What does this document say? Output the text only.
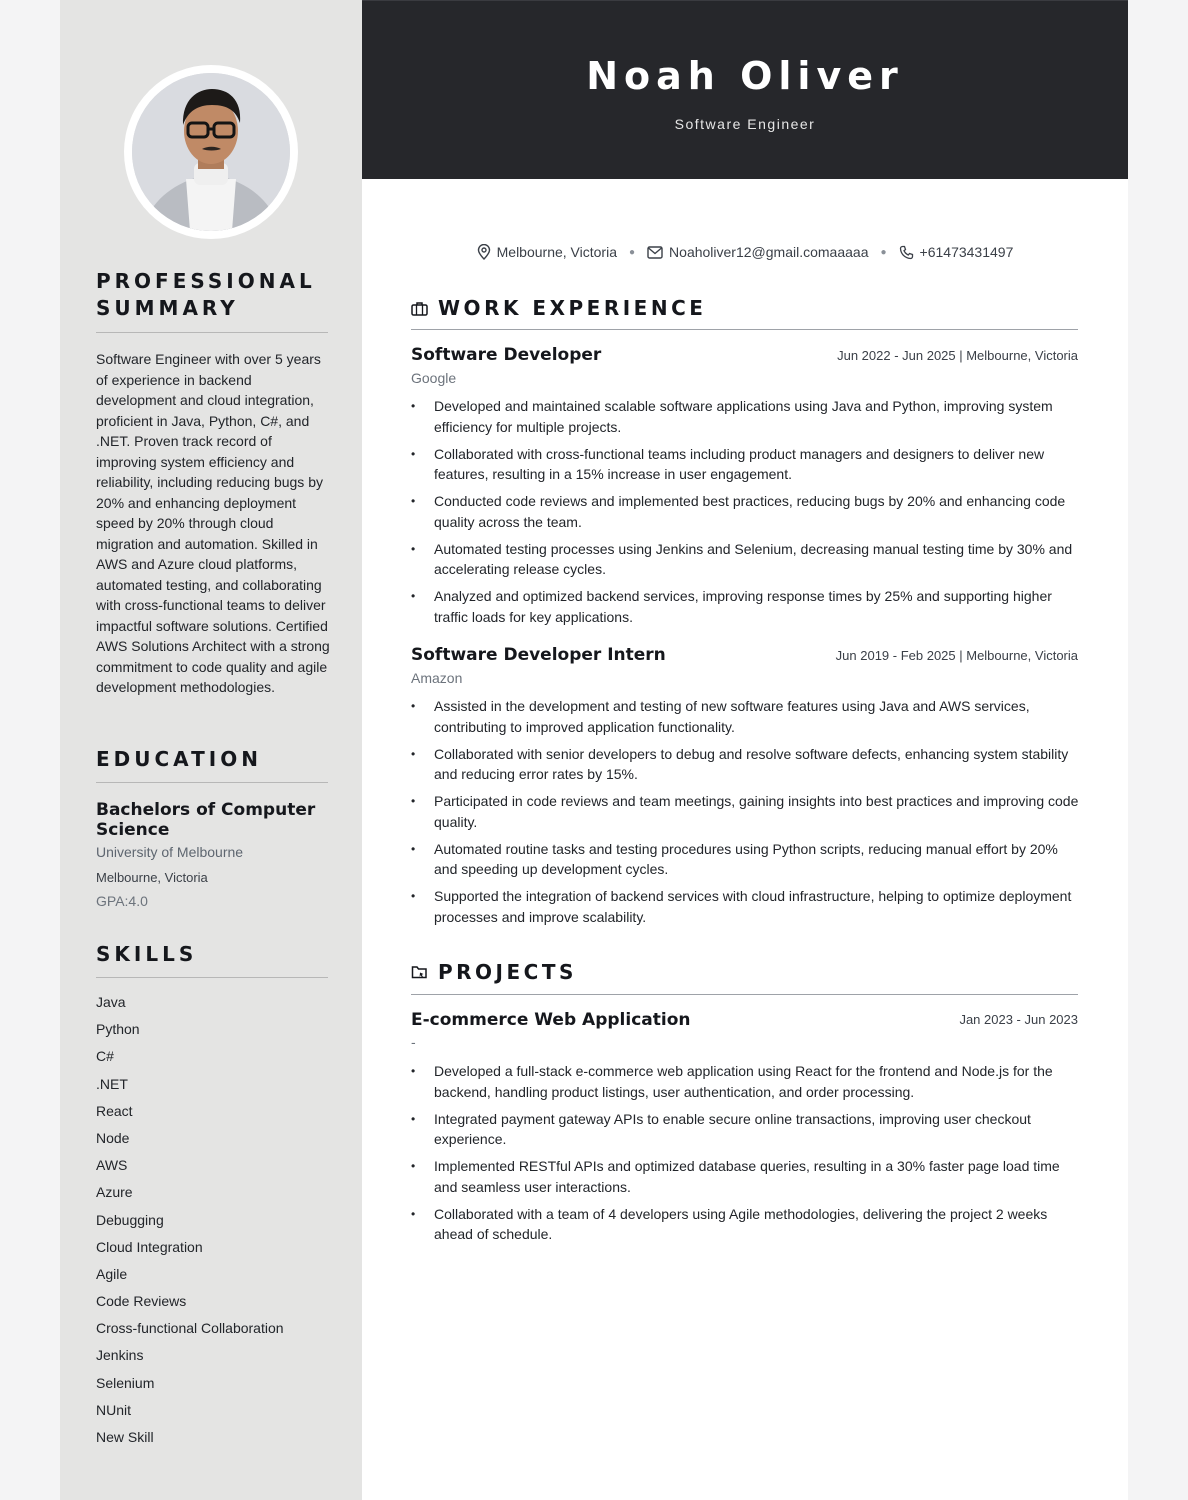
PROFESSIONAL SUMMARY
Software Engineer with over 5 years of experience in backend development and cloud integration, proficient in Java, Python, C#, and .NET. Proven track record of improving system efficiency and reliability, including reducing bugs by 20% and enhancing deployment speed by 20% through cloud migration and automation. Skilled in AWS and Azure cloud platforms, automated testing, and collaborating with cross-functional teams to deliver impactful software solutions. Certified AWS Solutions Architect with a strong commitment to code quality and agile development methodologies.
EDUCATION
Bachelors of Computer Science
University of Melbourne
Melbourne, Victoria
GPA:4.0
SKILLS
Java
Python
C#
.NET
React
Node
AWS
Azure
Debugging
Cloud Integration
Agile
Code Reviews
Cross-functional Collaboration
Jenkins
Selenium
NUnit
New Skill
Noah Oliver
Software Engineer
Melbourne, Victoria ● Noaholiver12@gmail.comaaaaa ● +61473431497
WORK EXPERIENCE
Software Developer	Jun 2022 - Jun 2025 | Melbourne, Victoria
Google
• Developed and maintained scalable software applications using Java and Python, improving system efficiency for multiple projects.
• Collaborated with cross-functional teams including product managers and designers to deliver new features, resulting in a 15% increase in user engagement.
• Conducted code reviews and implemented best practices, reducing bugs by 20% and enhancing code quality across the team.
• Automated testing processes using Jenkins and Selenium, decreasing manual testing time by 30% and accelerating release cycles.
• Analyzed and optimized backend services, improving response times by 25% and supporting higher traffic loads for key applications.
Software Developer Intern	Jun 2019 - Feb 2025 | Melbourne, Victoria
Amazon
• Assisted in the development and testing of new software features using Java and AWS services, contributing to improved application functionality.
• Collaborated with senior developers to debug and resolve software defects, enhancing system stability and reducing error rates by 15%.
• Participated in code reviews and team meetings, gaining insights into best practices and improving code quality.
• Automated routine tasks and testing procedures using Python scripts, reducing manual effort by 20% and speeding up development cycles.
• Supported the integration of backend services with cloud infrastructure, helping to optimize deployment processes and improve scalability.
PROJECTS
E-commerce Web Application	Jan 2023 - Jun 2023
-
• Developed a full-stack e-commerce web application using React for the frontend and Node.js for the backend, handling product listings, user authentication, and order processing.
• Integrated payment gateway APIs to enable secure online transactions, improving user checkout experience.
• Implemented RESTful APIs and optimized database queries, resulting in a 30% faster page load time and seamless user interactions.
• Collaborated with a team of 4 developers using Agile methodologies, delivering the project 2 weeks ahead of schedule.
